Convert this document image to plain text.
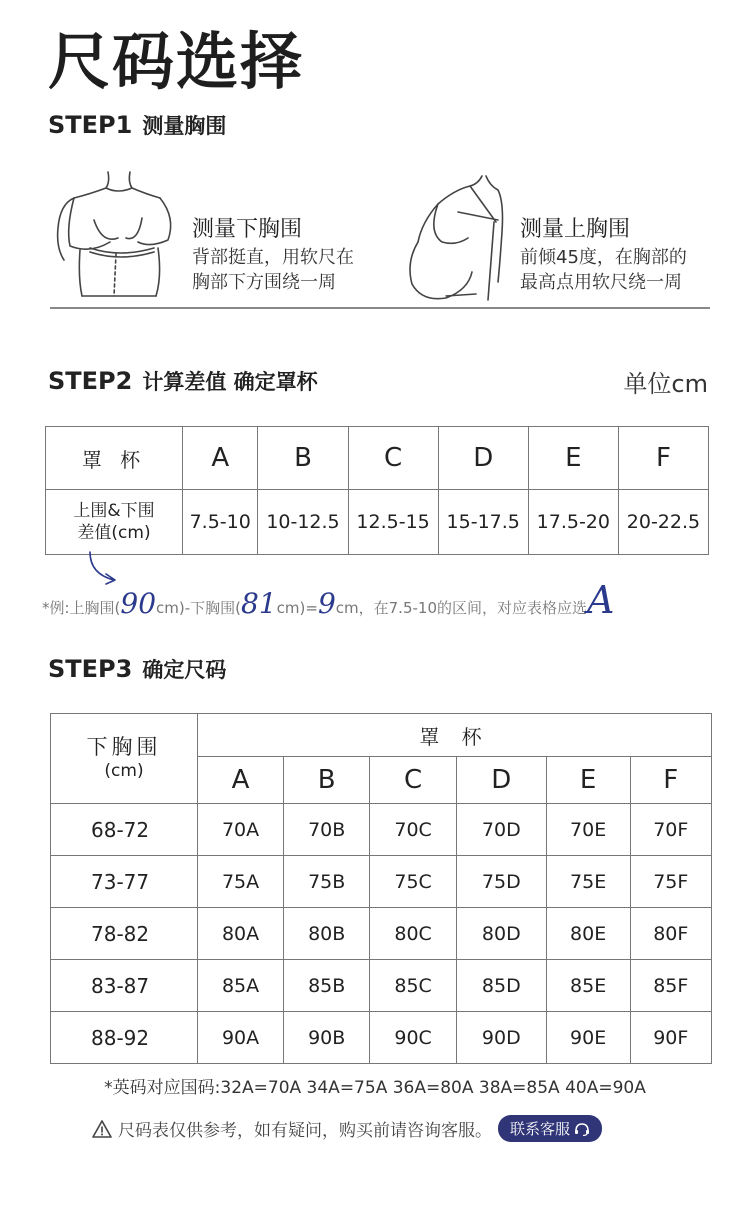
尺码选择
STEP1 测量胸围
测量下胸围
背部挺直，用软尺在
胸部下方围绕一周
测量上胸围
前倾45度，在胸部的
最高点用软尺绕一周
STEP2 计算差值 确定罩杯	单位cm
罩 杯	A	B	C	D	E	F

上围&下围
差值(cm)	7.5-10	10-12.5	12.5-15	15-17.5	17.5-20	20-22.5
*例:上胸围(90cm)-下胸围(81cm)=9cm，在7.5-10的区间，对应表格应选A
STEP3 确定尺码
下胸围
(cm)	罩 杯					
	A	B	C	D	E	F
68-72	70A	70B	70C	70D	70E	70F
73-77	75A	75B	75C	75D	75E	75F
78-82	80A	80B	80C	80D	80E	80F
83-87	85A	85B	85C	85D	85E	85F
88-92	90A	90B	90C	90D	90E	90F
*英码对应国码:32A=70A 34A=75A 36A=80A 38A=85A 40A=90A
尺码表仅供参考，如有疑问，购买前请咨询客服。 联系客服
